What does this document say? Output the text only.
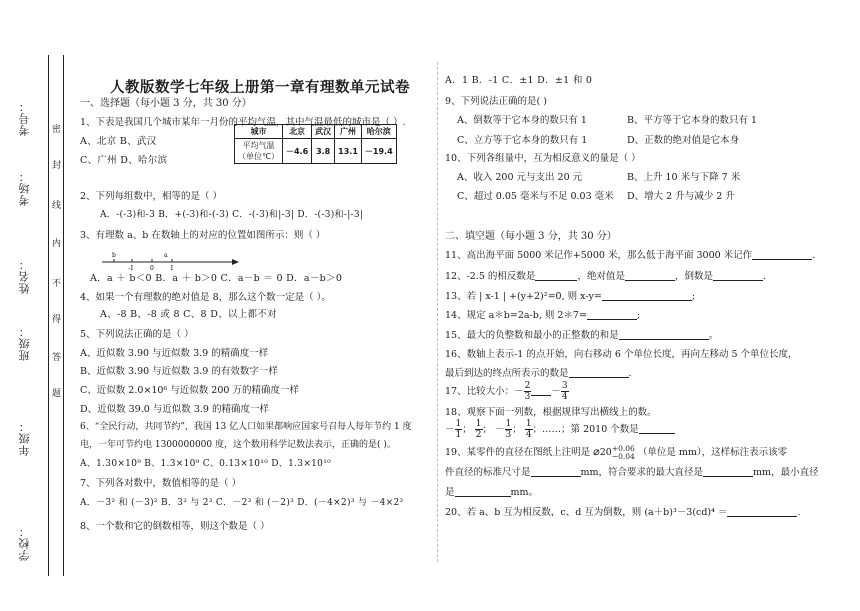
学校：
年级：
班级：
姓名：
考场：
考号： 密
封
线
内
不
得
答
题
人教版数学七年级上册第一章有理数单元试卷
一、选择题（每小题 3 分，共 30 分）
1、下表是我国几个城市某年一月份的平均气温，其中气温最低的城市是（ ）.
A、北京 B、武汉
C、广州 D、哈尔滨
城市	北京	武汉	广州	哈尔滨
平均气温
（单位℃）	－4.6	3.8	13.1	－19.4
2、下列每组数中，相等的是（ ）
A．-(-3)和-3 B．+(-3)和-(-3) C．-(-3)和|-3| D．-(-3)和-|-3|
3、有理数 a、b 在数轴上的对应的位置如图所示：则（ ）
b
-1	0
a
1
A．a ＋ b＜0 B．a ＋ b＞0 C．a－b ＝ 0 D．a－b＞0
4、如果一个有理数的绝对值是 8，那么这个数一定是（ ）。
A、-8 B、-8 或 8 C、8 D、以上都不对
5、下列说法正确的是（ ）
A、近似数 3.90 与近似数 3.9 的精确度一样
B、近似数 3.90 与近似数 3.9 的有效数字一样
C、近似数 2.0×10⁶ 与近似数 200 万的精确度一样
D、近似数 39.0 与近似数 3.9 的精确度一样
6、“全民行动，共同节约”，我国 13 亿人口如果都响应国家号召每人每年节约 1 度
电，一年可节约电 1300000000 度，这个数用科学记数法表示，正确的是( )。
A、1.30×10⁹ B、1.3×10⁹ C、0.13×10¹⁰ D、1.3×10¹⁰
7、下列各对数中，数值相等的是（ ）
A．－3² 和 (－3)² B．3² 与 2³ C．－2³ 和 (－2)³ D．(－4×2)³ 与 －4×2³
8、一个数和它的倒数相等，则这个数是（ ）
A．1 B．-1 C．±1 D．±1 和 0
9、下列说法正确的是( )
A、倒数等于它本身的数只有 1	B、平方等于它本身的数只有 1
C、立方等于它本身的数只有 1	D、正数的绝对值是它本身
10、下列各组量中，互为相反意义的量是（ ）
A、收入 200 元与支出 20 元	B、上升 10 米与下降 7 米
C、超过 0.05 毫米与不足 0.03 毫米 D、增大 2 升与减少 2 升
二、填空题（每小题 3 分，共 30 分）
11、高出海平面 5000 米记作+5000 米，那么低于海平面 3000 米记作	.
12、-2.5 的相反数是	，绝对值是	，倒数是	.
13、若 | x-1 | +(y+2)²=0, 则 x-y=	;
14、规定 a＊b=2a-b, 则 2＊7=	;
15、最大的负整数和最小的正整数的和是	。
16、数轴上表示-1 的点开始，向右移动 6 个单位长度，再向左移动 5 个单位长度，
最后到达的终点所表示的数是	.
17、比较大小：－ $\frac{2}{3} - \frac{3}{4}$
18、观察下面一列数，根据规律写出横线上的数。
－ $\frac{1}{1}$ ； $\frac{1}{2}$ ； － $\frac{1}{3}$ ； $\frac{1}{4}$ ；……；第 2010 个数是
19、某零件的直径在图纸上注明是 ⌀20+0.06
−0.04 （单位是 mm），这样标注表示该零
件直径的标准尺寸是	mm，符合要求的最大直径是	mm，最小直径
是	mm。
20、若 a、b 互为相反数，c、d 互为倒数，则 (a＋b)³－3(cd)⁴ ＝	.
